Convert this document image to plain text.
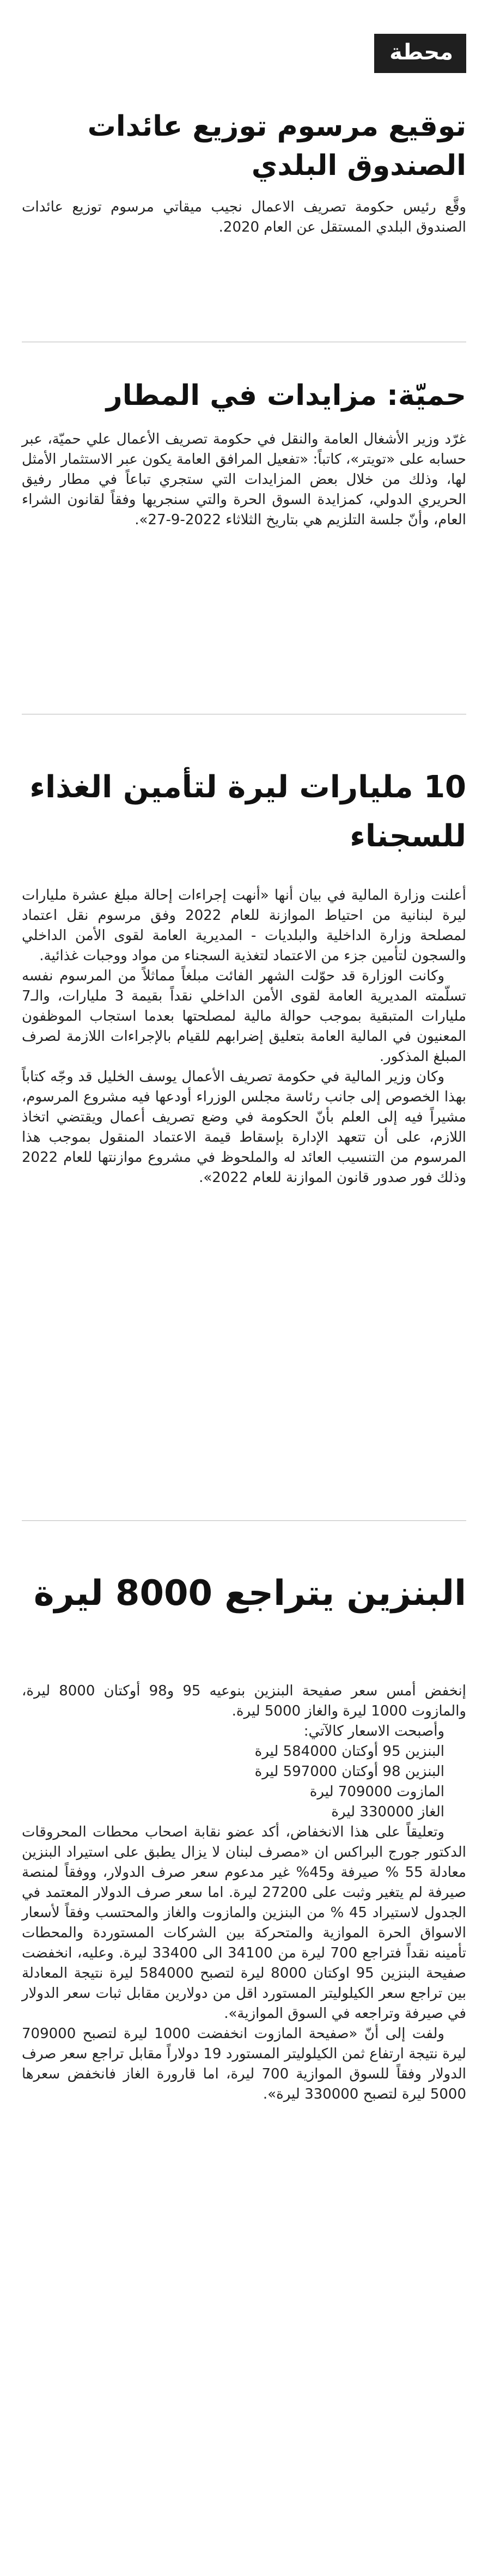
محطة
توقيع مرسوم توزيع عائدات الصندوق البلدي

وقَّع رئيس حكومة تصريف الاعمال نجيب ميقاتي مرسوم توزيع عائدات الصندوق البلدي المستقل عن العام 2020.

حميّة: مزايدات في المطار

غرّد وزير الأشغال العامة والنقل في حكومة تصريف الأعمال علي حميّة، عبر حسابه على «تويتر»، كاتباً: «تفعيل المرافق العامة يكون عبر الاستثمار الأمثل لها، وذلك من خلال بعض المزايدات التي ستجري تباعاً في مطار رفيق الحريري الدولي، كمزايدة السوق الحرة والتي سنجريها وفقاً لقانون الشراء العام، وأنّ جلسة التلزيم هي بتاريخ الثلاثاء 2022-9-27».

10 مليارات ليرة لتأمين الغذاء للسجناء

أعلنت وزارة المالية في بيان أنها «أنهت إجراءات إحالة مبلغ عشرة مليارات ليرة لبنانية من احتياط الموازنة للعام 2022 وفق مرسوم نقل اعتماد لمصلحة وزارة الداخلية والبلديات - المديرية العامة لقوى الأمن الداخلي والسجون لتأمين جزء من الاعتماد لتغذية السجناء من مواد ووجبات غذائية.

وكانت الوزارة قد حوّلت الشهر الفائت مبلغاً مماثلاً من المرسوم نفسه تسلّمته المديرية العامة لقوى الأمن الداخلي نقداً بقيمة 3 مليارات، والـ7 مليارات المتبقية بموجب حوالة مالية لمصلحتها بعدما استجاب الموظفون المعنيون في المالية العامة بتعليق إضرابهم للقيام بالإجراءات اللازمة لصرف المبلغ المذكور.

وكان وزير المالية في حكومة تصريف الأعمال يوسف الخليل قد وجّه كتاباً بهذا الخصوص إلى جانب رئاسة مجلس الوزراء أودعها فيه مشروع المرسوم، مشيراً فيه إلى العلم بأنّ الحكومة في وضع تصريف أعمال ويقتضي اتخاذ اللازم، على أن تتعهد الإدارة بإسقاط قيمة الاعتماد المنقول بموجب هذا المرسوم من التنسيب العائد له والملحوظ في مشروع موازنتها للعام 2022 وذلك فور صدور قانون الموازنة للعام 2022».

البنزين يتراجع 8000 ليرة

إنخفض أمس سعر صفيحة البنزين بنوعيه 95 و98 أوكتان 8000 ليرة، والمازوت 1000 ليرة والغاز 5000 ليرة.

وأصبحت الاسعار كالآتي:

البنزين 95 أوكتان 584000 ليرة
البنزين 98 أوكتان 597000 ليرة
المازوت 709000 ليرة
الغاز 330000 ليرة

وتعليقاً على هذا الانخفاض، أكد عضو نقابة اصحاب محطات المحروقات الدكتور جورج البراكس ان «مصرف لبنان لا يزال يطبق على استيراد البنزين معادلة 55 % صيرفة و45% غير مدعوم سعر صرف الدولار، ووفقاً لمنصة صيرفة لم يتغير وثبت على 27200 ليرة. اما سعر صرف الدولار المعتمد في الجدول لاستيراد 45 % من البنزين والمازوت والغاز والمحتسب وفقاً لأسعار الاسواق الحرة الموازية والمتحركة بين الشركات المستوردة والمحطات تأمينه نقداً فتراجع 700 ليرة من 34100 الى 33400 ليرة. وعليه، انخفضت صفيحة البنزين 95 اوكتان 8000 ليرة لتصبح 584000 ليرة نتيجة المعادلة بين تراجع سعر الكيلوليتر المستورد اقل من دولارين مقابل ثبات سعر الدولار في صيرفة وتراجعه في السوق الموازية».

ولفت إلى أنّ «صفيحة المازوت انخفضت 1000 ليرة لتصبح 709000 ليرة نتيجة ارتفاع ثمن الكيلوليتر المستورد 19 دولاراً مقابل تراجع سعر صرف الدولار وفقاً للسوق الموازية 700 ليرة، اما قارورة الغاز فانخفض سعرها 5000 ليرة لتصبح 330000 ليرة».
